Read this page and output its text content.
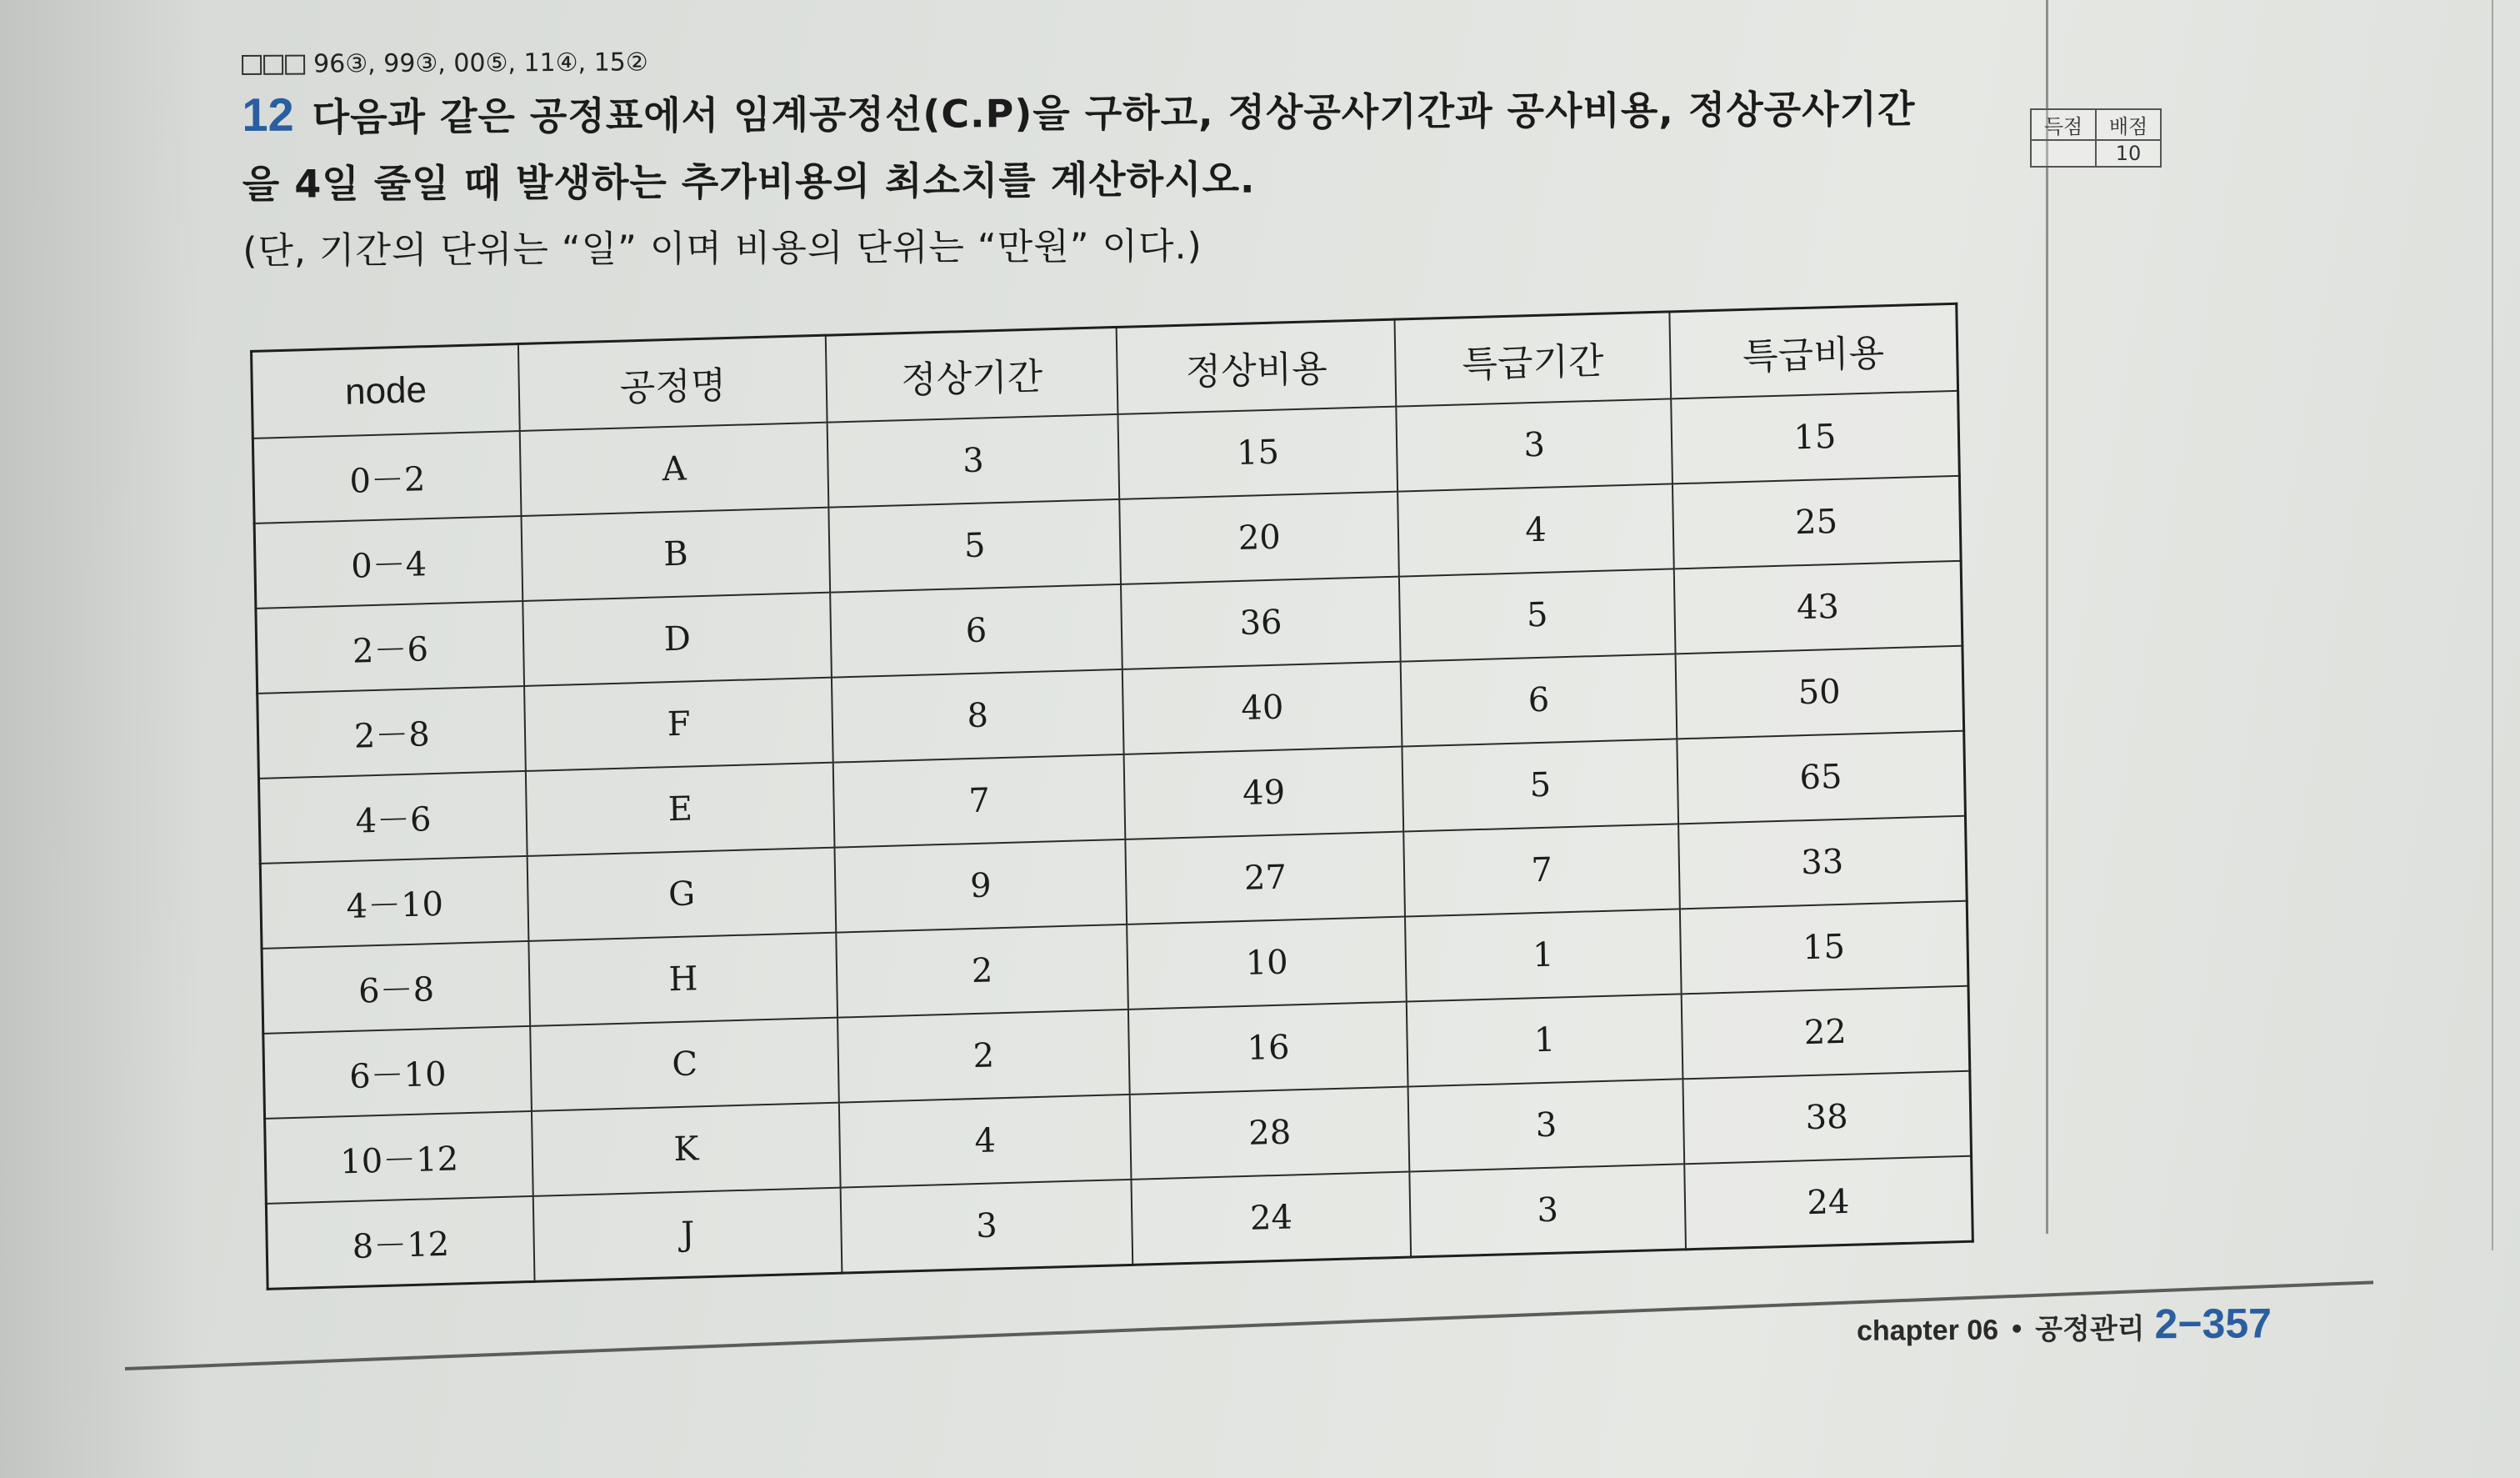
96③, 99③, 00⑤, 11④, 15②
12 다음과 같은 공정표에서 임계공정선(C.P)을 구하고, 정상공사기간과 공사비용, 정상공사기간
을 4일 줄일 때 발생하는 추가비용의 최소치를 계산하시오.
(단, 기간의 단위는 “일” 이며 비용의 단위는 “만원” 이다.)
득점	배점
	10
node	공정명	정상기간	정상비용	특급기간	특급비용
0－2	A	3	15	3	15
0－4	B	5	20	4	25
2－6	D	6	36	5	43
2－8	F	8	40	6	50
4－6	E	7	49	5	65
4－10	G	9	27	7	33
6－8	H	2	10	1	15
6－10	C	2	16	1	22
10－12	K	4	28	3	38
8－12	J	3	24	3	24
chapter 06 • 공정관리 2−357
